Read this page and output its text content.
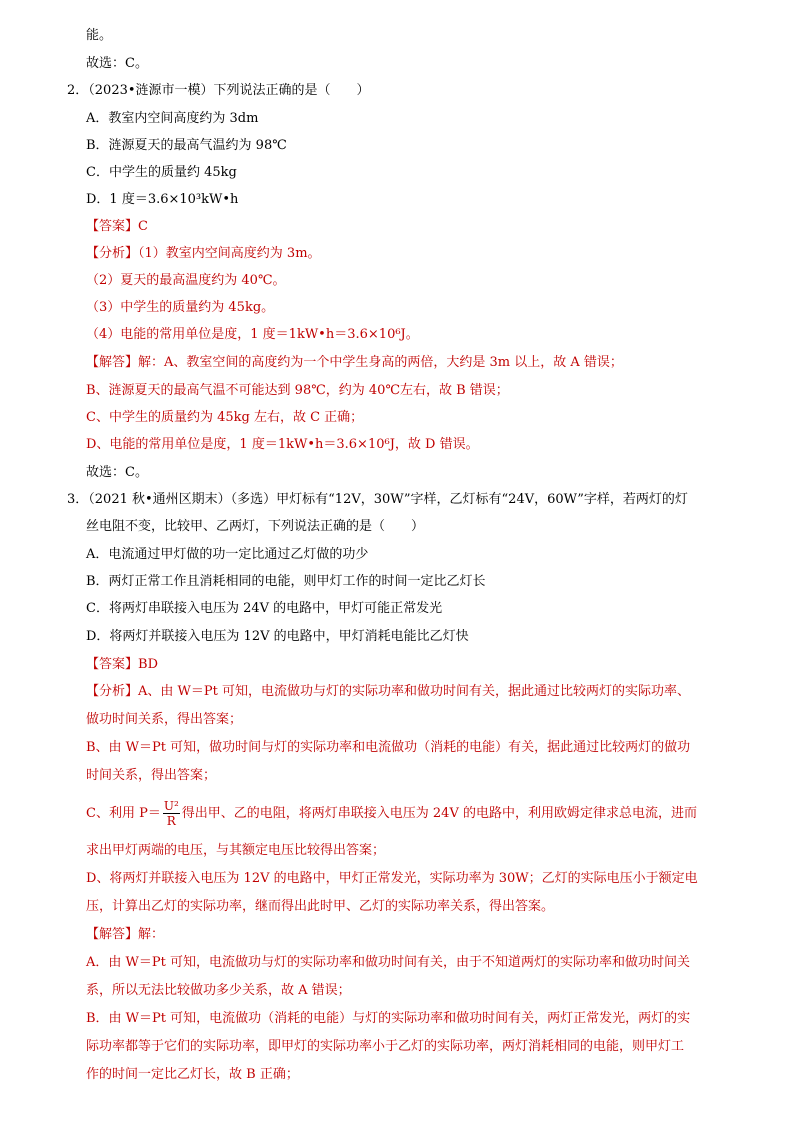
能。
故选：C。
2．（2023•涟源市一模）下列说法正确的是（　　）
A．教室内空间高度约为 3dm
B．涟源夏天的最高气温约为 98℃
C．中学生的质量约 45kg
D．1 度＝3.6×10³kW•h
【答案】C
【分析】（1）教室内空间高度约为 3m。
（2）夏天的最高温度约为 40℃。
（3）中学生的质量约为 45kg。
（4）电能的常用单位是度，1 度＝1kW•h＝3.6×10⁶J。
【解答】解：A、教室空间的高度约为一个中学生身高的两倍，大约是 3m 以上，故 A 错误；
B、涟源夏天的最高气温不可能达到 98℃，约为 40℃左右，故 B 错误；
C、中学生的质量约为 45kg 左右，故 C 正确；
D、电能的常用单位是度，1 度＝1kW•h＝3.6×10⁶J，故 D 错误。
故选：C。
3．（2021 秋•通州区期末）（多选）甲灯标有“12V，30W”字样，乙灯标有“24V，60W”字样，若两灯的灯
丝电阻不变，比较甲、乙两灯，下列说法正确的是（　　）
A．电流通过甲灯做的功一定比通过乙灯做的功少
B．两灯正常工作且消耗相同的电能，则甲灯工作的时间一定比乙灯长
C．将两灯串联接入电压为 24V 的电路中，甲灯可能正常发光
D．将两灯并联接入电压为 12V 的电路中，甲灯消耗电能比乙灯快
【答案】BD
【分析】A、由 W＝Pt 可知，电流做功与灯的实际功率和做功时间有关，据此通过比较两灯的实际功率、
做功时间关系，得出答案；
B、由 W＝Pt 可知，做功时间与灯的实际功率和电流做功（消耗的电能）有关，据此通过比较两灯的做功
时间关系，得出答案；
C、利用 $P= \frac{\text{U²}}{R}$ 得出甲、乙的电阻，将两灯串联接入电压为 24V 的电路中，利用欧姆定律求总电流，进而
求出甲灯两端的电压，与其额定电压比较得出答案；
D、将两灯并联接入电压为 12V 的电路中，甲灯正常发光，实际功率为 30W；乙灯的实际电压小于额定电
压，计算出乙灯的实际功率，继而得出此时甲、乙灯的实际功率关系，得出答案。
【解答】解：
A．由 W＝Pt 可知，电流做功与灯的实际功率和做功时间有关，由于不知道两灯的实际功率和做功时间关
系，所以无法比较做功多少关系，故 A 错误；
B．由 W＝Pt 可知，电流做功（消耗的电能）与灯的实际功率和做功时间有关，两灯正常发光，两灯的实
际功率都等于它们的实际功率，即甲灯的实际功率小于乙灯的实际功率，两灯消耗相同的电能，则甲灯工
作的时间一定比乙灯长，故 B 正确；
